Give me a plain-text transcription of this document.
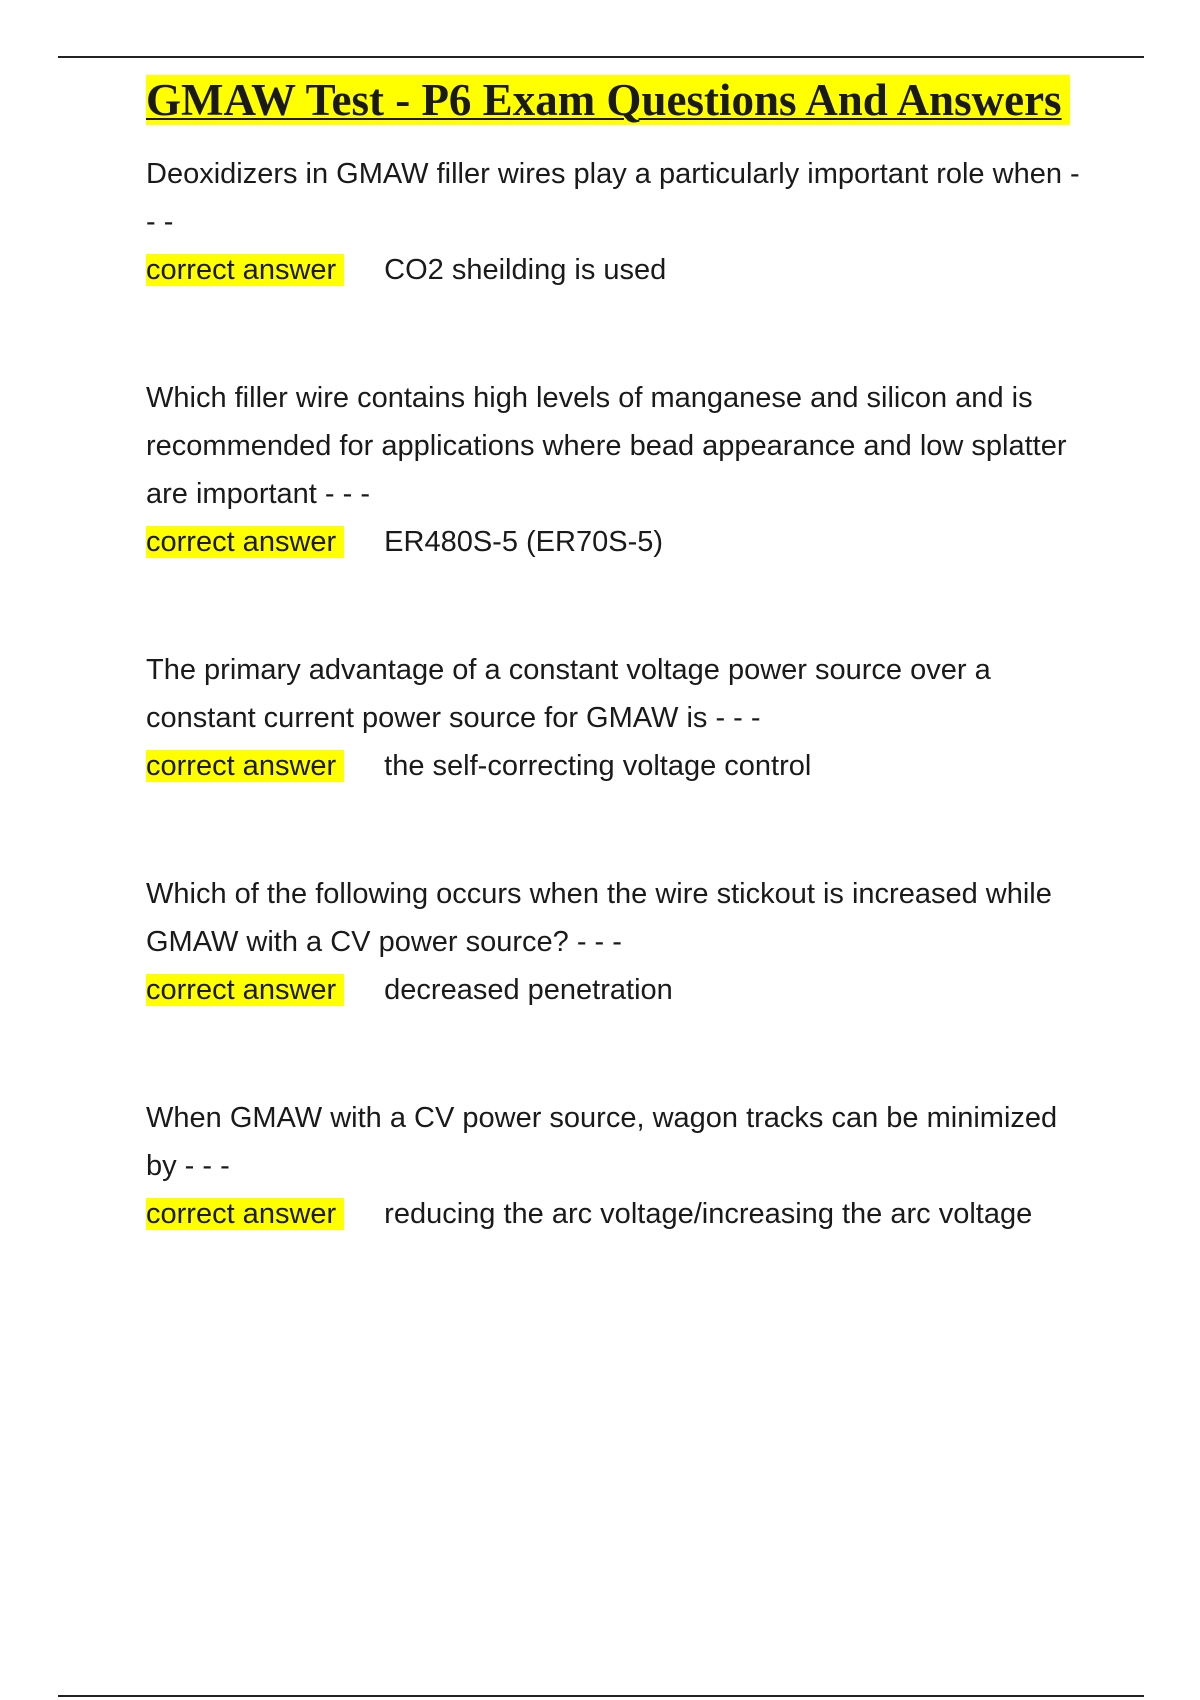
GMAW Test - P6 Exam Questions And Answers
Deoxidizers in GMAW filler wires play a particularly important role when - - -
correct answer CO2 sheilding is used
Which filler wire contains high levels of manganese and silicon and is recommended for applications where bead appearance and low splatter are important - - -
correct answer ER480S-5 (ER70S-5)
The primary advantage of a constant voltage power source over a constant current power source for GMAW is - - -
correct answer the self-correcting voltage control
Which of the following occurs when the wire stickout is increased while GMAW with a CV power source? - - -
correct answer decreased penetration
When GMAW with a CV power source, wagon tracks can be minimized by - - -
correct answer reducing the arc voltage/increasing the arc voltage
